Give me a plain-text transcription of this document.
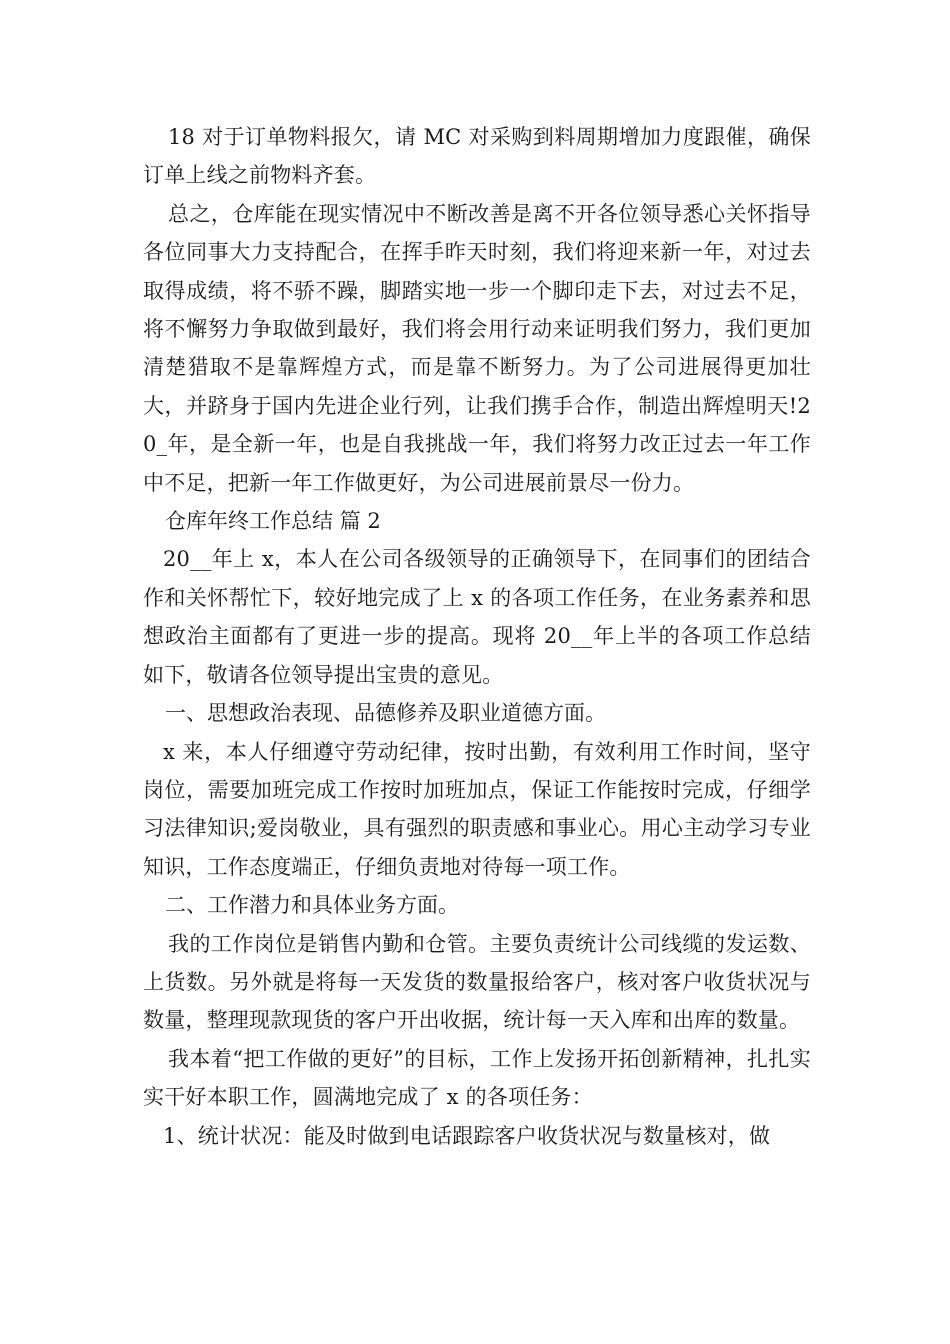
18 对于订单物料报欠，请 MC 对采购到料周期增加力度跟催，确保订单上线之前物料齐套。

总之，仓库能在现实情况中不断改善是离不开各位领导悉心关怀指导各位同事大力支持配合，在挥手昨天时刻，我们将迎来新一年，对过去取得成绩，将不骄不躁，脚踏实地一步一个脚印走下去，对过去不足，将不懈努力争取做到最好，我们将会用行动来证明我们努力，我们更加清楚猎取不是靠辉煌方式，而是靠不断努力。为了公司进展得更加壮大，并跻身于国内先进企业行列，让我们携手合作，制造出辉煌明天!20_年，是全新一年，也是自我挑战一年，我们将努力改正过去一年工作中不足，把新一年工作做更好，为公司进展前景尽一份力。

仓库年终工作总结 篇 2

20__年上 x，本人在公司各级领导的正确领导下，在同事们的团结合作和关怀帮忙下，较好地完成了上 x 的各项工作任务，在业务素养和思想政治主面都有了更进一步的提高。现将 20__年上半的各项工作总结如下，敬请各位领导提出宝贵的意见。

一、思想政治表现、品德修养及职业道德方面。

x 来，本人仔细遵守劳动纪律，按时出勤，有效利用工作时间，坚守岗位，需要加班完成工作按时加班加点，保证工作能按时完成，仔细学习法律知识;爱岗敬业，具有强烈的职责感和事业心。用心主动学习专业知识，工作态度端正，仔细负责地对待每一项工作。

二、工作潜力和具体业务方面。

我的工作岗位是销售内勤和仓管。主要负责统计公司线缆的发运数、上货数。另外就是将每一天发货的数量报给客户，核对客户收货状况与数量，整理现款现货的客户开出收据，统计每一天入库和出库的数量。

我本着“把工作做的更好”的目标，工作上发扬开拓创新精神，扎扎实实干好本职工作，圆满地完成了 x 的各项任务：

1、统计状况：能及时做到电话跟踪客户收货状况与数量核对，做
